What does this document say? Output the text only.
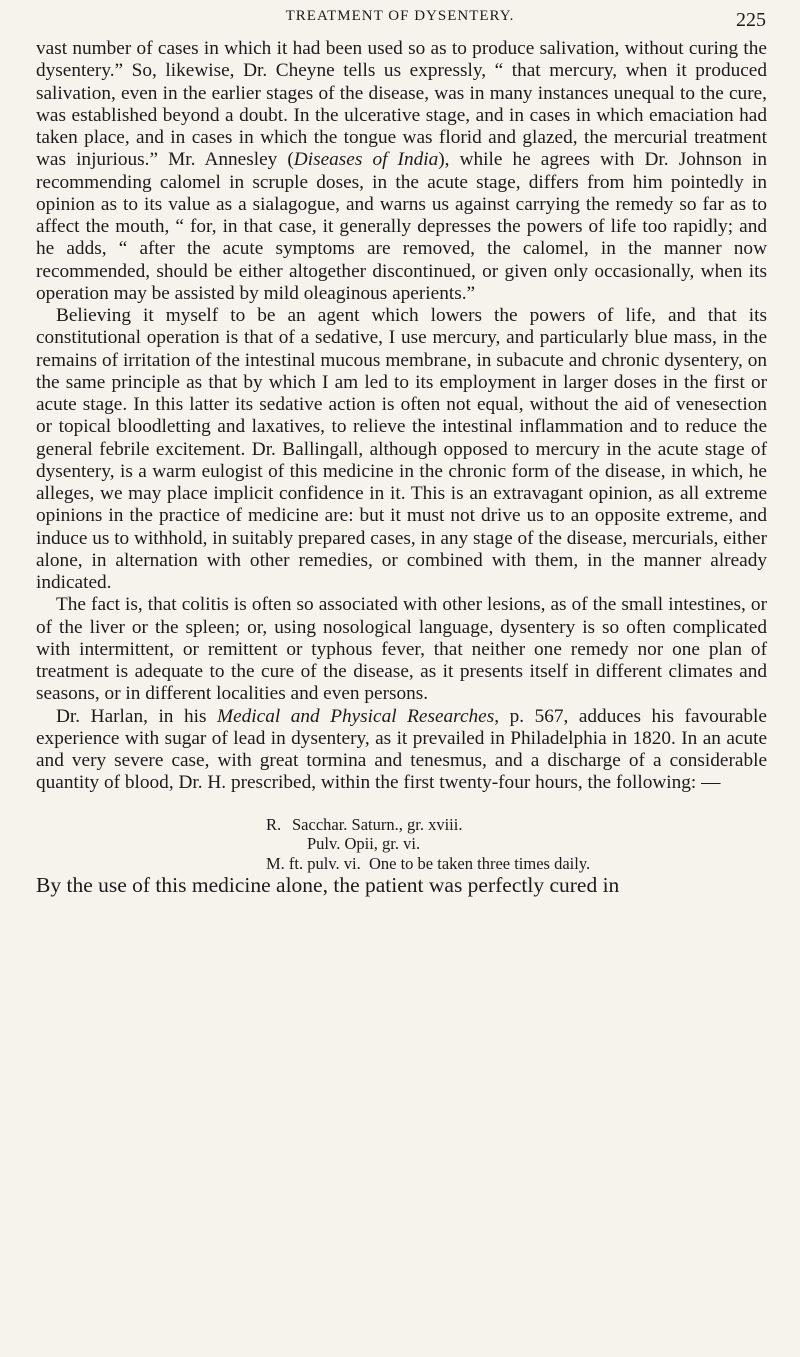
TREATMENT OF DYSENTERY.	225

vast number of cases in which it had been used so as to produce salivation, without curing the dysentery.” So, likewise, Dr. Cheyne tells us expressly, “ that mercury, when it produced salivation, even in the earlier stages of the disease, was in many instances unequal to the cure, was established beyond a doubt. In the ulcerative stage, and in cases in which emaciation had taken place, and in cases in which the tongue was florid and glazed, the mercurial treatment was injurious.” Mr. Annesley (Diseases of India), while he agrees with Dr. Johnson in recommending calomel in scruple doses, in the acute stage, differs from him pointedly in opinion as to its value as a sialagogue, and warns us against carrying the remedy so far as to affect the mouth, “ for, in that case, it generally depresses the powers of life too rapidly; and he adds, “ after the acute symptoms are removed, the calomel, in the manner now recommended, should be either altogether discontinued, or given only occasionally, when its operation may be assisted by mild oleaginous aperients.”

Believing it myself to be an agent which lowers the powers of life, and that its constitutional operation is that of a sedative, I use mercury, and particularly blue mass, in the remains of irritation of the intestinal mucous membrane, in subacute and chronic dysentery, on the same principle as that by which I am led to its employment in larger doses in the first or acute stage. In this latter its sedative action is often not equal, without the aid of venesection or topical bloodletting and laxatives, to relieve the intestinal inflammation and to reduce the general febrile excitement. Dr. Ballingall, although opposed to mercury in the acute stage of dysentery, is a warm eulogist of this medicine in the chronic form of the disease, in which, he alleges, we may place implicit confidence in it. This is an extravagant opinion, as all extreme opinions in the practice of medicine are: but it must not drive us to an opposite extreme, and induce us to withhold, in suitably prepared cases, in any stage of the disease, mercurials, either alone, in alternation with other remedies, or combined with them, in the manner already indicated.

The fact is, that colitis is often so associated with other lesions, as of the small intestines, or of the liver or the spleen; or, using nosological language, dysentery is so often complicated with intermittent, or remittent or typhous fever, that neither one remedy nor one plan of treatment is adequate to the cure of the disease, as it presents itself in different climates and seasons, or in different localities and even persons.

Dr. Harlan, in his Medical and Physical Researches, p. 567, adduces his favourable experience with sugar of lead in dysentery, as it prevailed in Philadelphia in 1820. In an acute and very severe case, with great tormina and tenesmus, and a discharge of a considerable quantity of blood, Dr. H. prescribed, within the first twenty-four hours, the following: —

R. Sacchar. Saturn., gr. xviii.
Pulv. Opii, gr. vi.
M. ft. pulv. vi. One to be taken three times daily.

By the use of this medicine alone, the patient was perfectly cured in
